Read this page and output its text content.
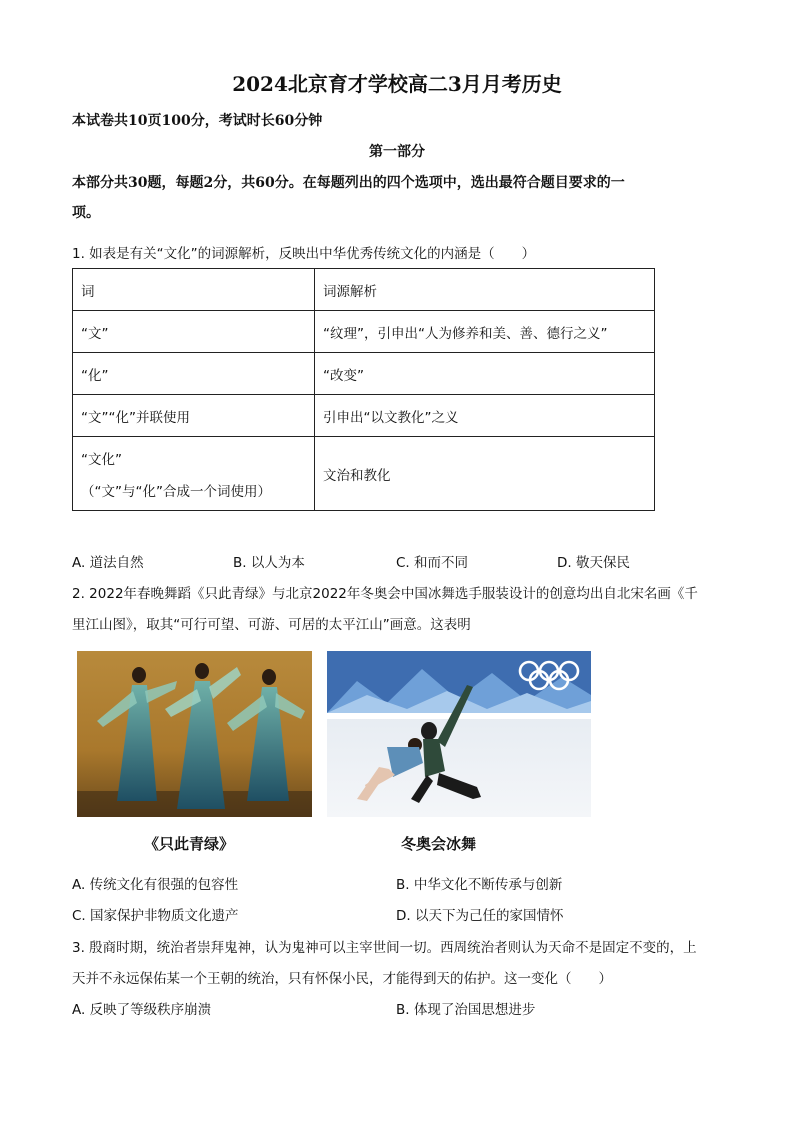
2024北京育才学校高二3月月考历史
本试卷共10页100分，考试时长60分钟
第一部分
本部分共30题，每题2分，共60分。在每题列出的四个选项中，选出最符合题目要求的一
项。
1. 如表是有关“文化”的词源解析，反映出中华优秀传统文化的内涵是（　　）
词	词源解析
“文”	“纹理”，引申出“人为修养和美、善、德行之义”
“化”	“改变”
“文”“化”并联使用	引申出“以文教化”之义

“文化”
（“文”与“化”合成一个词使用）	文治和教化
A. 道法自然	B. 以人为本	C. 和而不同	D. 敬天保民
2. 2022年春晚舞蹈《只此青绿》与北京2022年冬奥会中国冰舞选手服装设计的创意均出自北宋名画《千
里江山图》，取其“可行可望、可游、可居的太平江山”画意。这表明
《只此青绿》	冬奥会冰舞
A. 传统文化有很强的包容性	B. 中华文化不断传承与创新
C. 国家保护非物质文化遗产	D. 以天下为己任的家国情怀
3. 殷商时期，统治者崇拜鬼神，认为鬼神可以主宰世间一切。西周统治者则认为天命不是固定不变的，上
天并不永远保佑某一个王朝的统治，只有怀保小民，才能得到天的佑护。这一变化（　　）
A. 反映了等级秩序崩溃	B. 体现了治国思想进步
